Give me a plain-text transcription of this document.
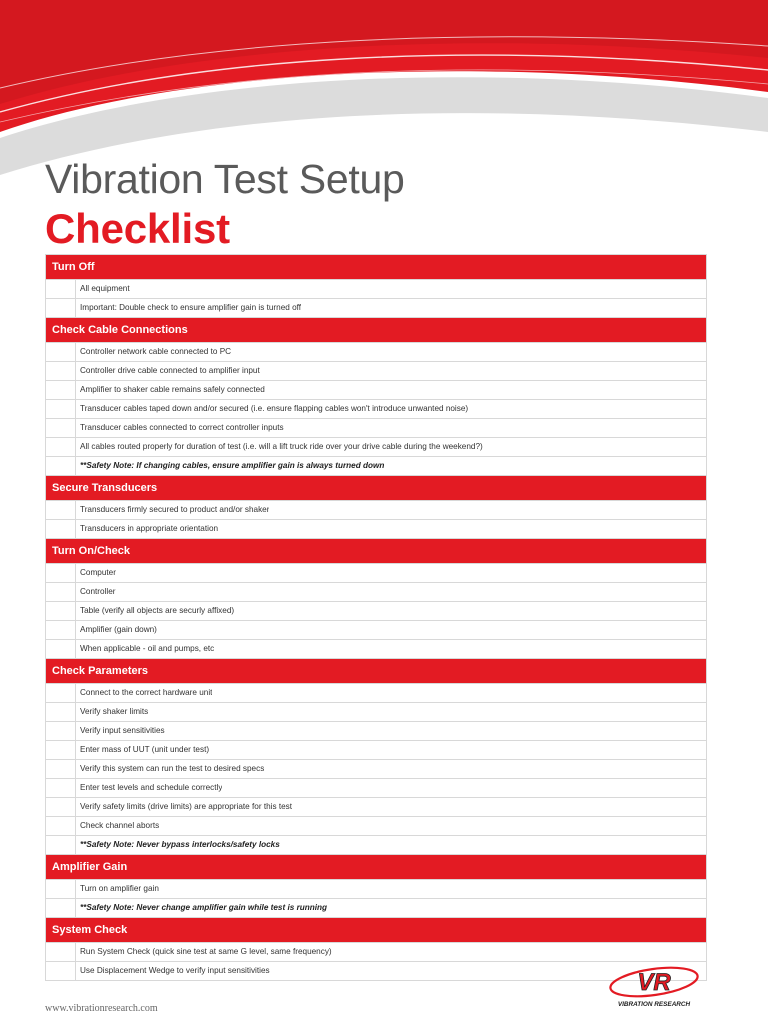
Vibration Test Setup
Checklist
Turn Off
All equipment
Important: Double check to ensure amplifier gain is turned off
Check Cable Connections
Controller network cable connected to PC
Controller drive cable connected to amplifier input
Amplifier to shaker cable remains safely connected
Transducer cables taped down and/or secured (i.e. ensure flapping cables won't introduce unwanted noise)
Transducer cables connected to correct controller inputs
All cables routed properly for duration of test (i.e. will a lift truck ride over your drive cable during the weekend?)
**Safety Note: If changing cables, ensure amplifier gain is always turned down
Secure Transducers
Transducers firmly secured to product and/or shaker
Transducers in appropriate orientation
Turn On/Check
Computer
Controller
Table (verify all objects are securly affixed)
Amplifier (gain down)
When applicable - oil and pumps, etc
Check Parameters
Connect to the correct hardware unit
Verify shaker limits
Verify input sensitivities
Enter mass of UUT (unit under test)
Verify this system can run the test to desired specs
Enter test levels and schedule correctly
Verify safety limits (drive limits) are appropriate for this test
Check channel aborts
**Safety Note: Never bypass interlocks/safety locks
Amplifier Gain
Turn on amplifier gain
**Safety Note: Never change amplifier gain while test is running
System Check
Run System Check (quick sine test at same G level, same frequency)
Use Displacement Wedge to verify input sensitivities
www.vibrationresearch.com
VR
VIBRATION RESEARCH
